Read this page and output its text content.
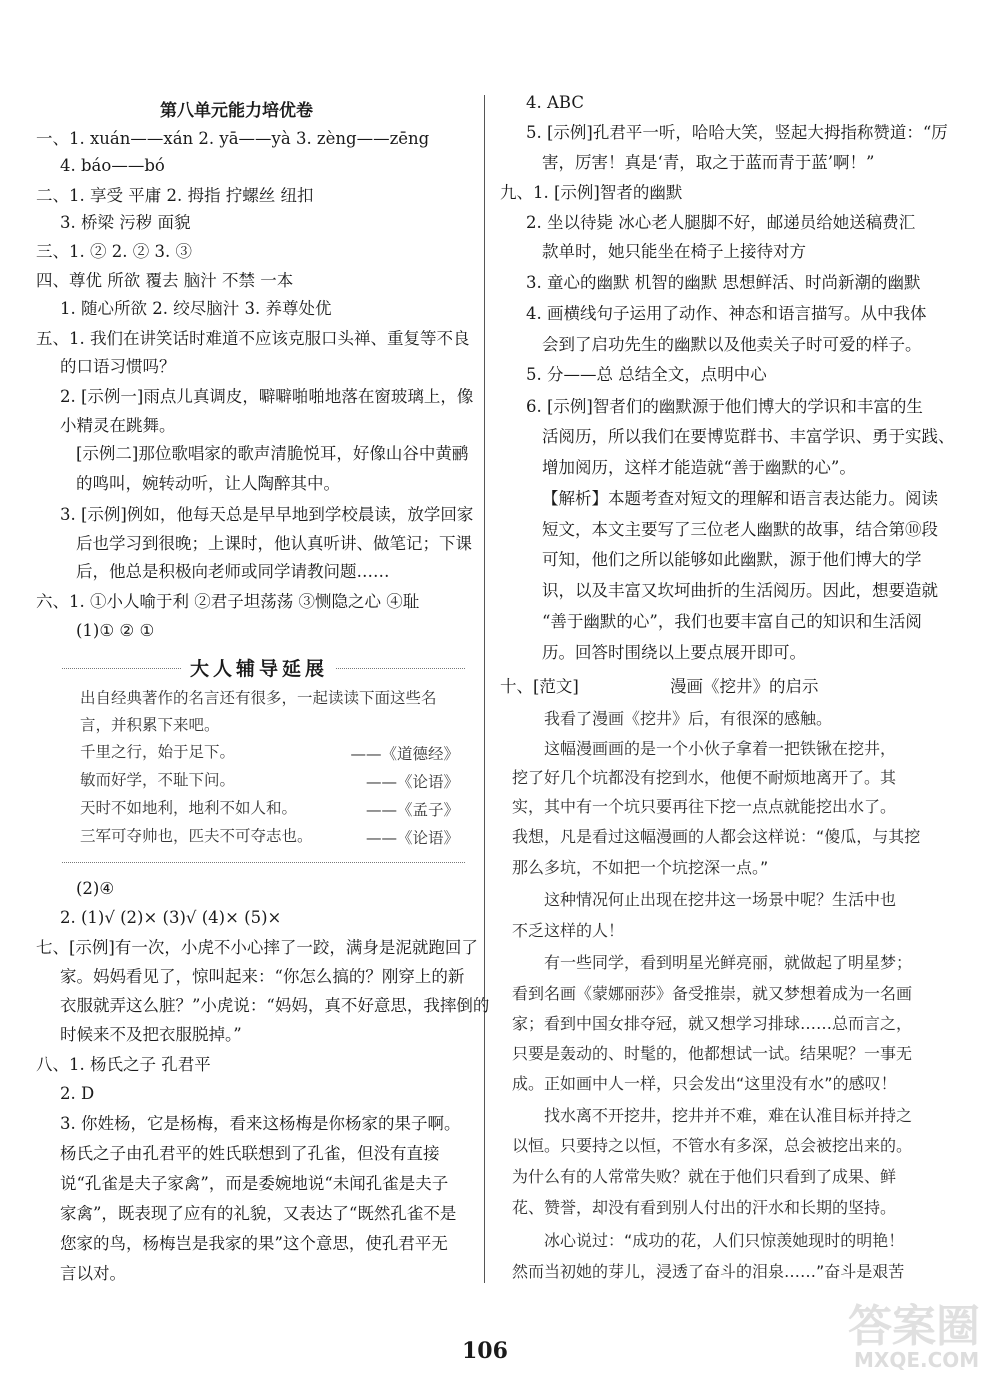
第八单元能力培优卷
一、1. xuán——xán 2. yā——yà 3. zèng——zēng
4. báo——bó
二、1. 享受 平庸 2. 拇指 拧螺丝 纽扣
3. 桥梁 污秽 面貌
三、1. ② 2. ② 3. ③
四、尊优 所欲 覆去 脑汁 不禁 一本
1. 随心所欲 2. 绞尽脑汁 3. 养尊处优
五、1. 我们在讲笑话时难道不应该克服口头禅、重复等不良
的口语习惯吗？
2. [示例一]雨点儿真调皮，噼噼啪啪地落在窗玻璃上，像
小精灵在跳舞。
[示例二]那位歌唱家的歌声清脆悦耳，好像山谷中黄鹂
的鸣叫，婉转动听，让人陶醉其中。
3. [示例]例如，他每天总是早早地到学校晨读，放学回家
后也学习到很晚；上课时，他认真听讲、做笔记；下课
后，他总是积极向老师或同学请教问题……
六、1. ①小人喻于利 ②君子坦荡荡 ③恻隐之心 ④耻
(1)① ② ①
大人辅导延展
出自经典著作的名言还有很多，一起读读下面这些名
言，并积累下来吧。
千里之行，始于足下。	——《道德经》
敏而好学，不耻下问。	——《论语》
天时不如地利，地利不如人和。	——《孟子》
三军可夺帅也，匹夫不可夺志也。	——《论语》
(2)④
2. (1)√ (2)× (3)√ (4)× (5)×
七、[示例]有一次，小虎不小心摔了一跤，满身是泥就跑回了
家。妈妈看见了，惊叫起来：“你怎么搞的？刚穿上的新
衣服就弄这么脏？”小虎说：“妈妈，真不好意思，我摔倒的
时候来不及把衣服脱掉。”
八、1. 杨氏之子 孔君平
2. D
3. 你姓杨，它是杨梅，看来这杨梅是你杨家的果子啊。
杨氏之子由孔君平的姓氏联想到了孔雀，但没有直接
说“孔雀是夫子家禽”，而是委婉地说“未闻孔雀是夫子
家禽”，既表现了应有的礼貌，又表达了“既然孔雀不是
您家的鸟，杨梅岂是我家的果”这个意思，使孔君平无
言以对。
4. ABC
5. [示例]孔君平一听，哈哈大笑，竖起大拇指称赞道：“厉
害，厉害！真是‘青，取之于蓝而青于蓝’啊！”
九、1. [示例]智者的幽默
2. 坐以待毙 冰心老人腿脚不好，邮递员给她送稿费汇
款单时，她只能坐在椅子上接待对方
3. 童心的幽默 机智的幽默 思想鲜活、时尚新潮的幽默
4. 画横线句子运用了动作、神态和语言描写。从中我体
会到了启功先生的幽默以及他卖关子时可爱的样子。
5. 分——总 总结全文，点明中心
6. [示例]智者们的幽默源于他们博大的学识和丰富的生
活阅历，所以我们在要博览群书、丰富学识、勇于实践、
增加阅历，这样才能造就“善于幽默的心”。
【解析】本题考查对短文的理解和语言表达能力。阅读
短文，本文主要写了三位老人幽默的故事，结合第⑩段
可知，他们之所以能够如此幽默，源于他们博大的学
识，以及丰富又坎坷曲折的生活阅历。因此，想要造就
“善于幽默的心”，我们也要丰富自己的知识和生活阅
历。回答时围绕以上要点展开即可。
十、[范文]	漫画《挖井》的启示
我看了漫画《挖井》后，有很深的感触。
这幅漫画画的是一个小伙子拿着一把铁锹在挖井，
挖了好几个坑都没有挖到水，他便不耐烦地离开了。其
实，其中有一个坑只要再往下挖一点点就能挖出水了。
我想，凡是看过这幅漫画的人都会这样说：“傻瓜，与其挖
那么多坑，不如把一个坑挖深一点。”
这种情况何止出现在挖井这一场景中呢？生活中也
不乏这样的人！
有一些同学，看到明星光鲜亮丽，就做起了明星梦；
看到名画《蒙娜丽莎》备受推崇，就又梦想着成为一名画
家；看到中国女排夺冠，就又想学习排球……总而言之，
只要是轰动的、时髦的，他都想试一试。结果呢？一事无
成。正如画中人一样，只会发出“这里没有水”的感叹！
找水离不开挖井，挖井并不难，难在认准目标并持之
以恒。只要持之以恒，不管水有多深，总会被挖出来的。
为什么有的人常常失败？就在于他们只看到了成果、鲜
花、赞誉，却没有看到别人付出的汗水和长期的坚持。
冰心说过：“成功的花，人们只惊羡她现时的明艳！
然而当初她的芽儿，浸透了奋斗的泪泉……”奋斗是艰苦
106	答案圈
MXQE.COM
